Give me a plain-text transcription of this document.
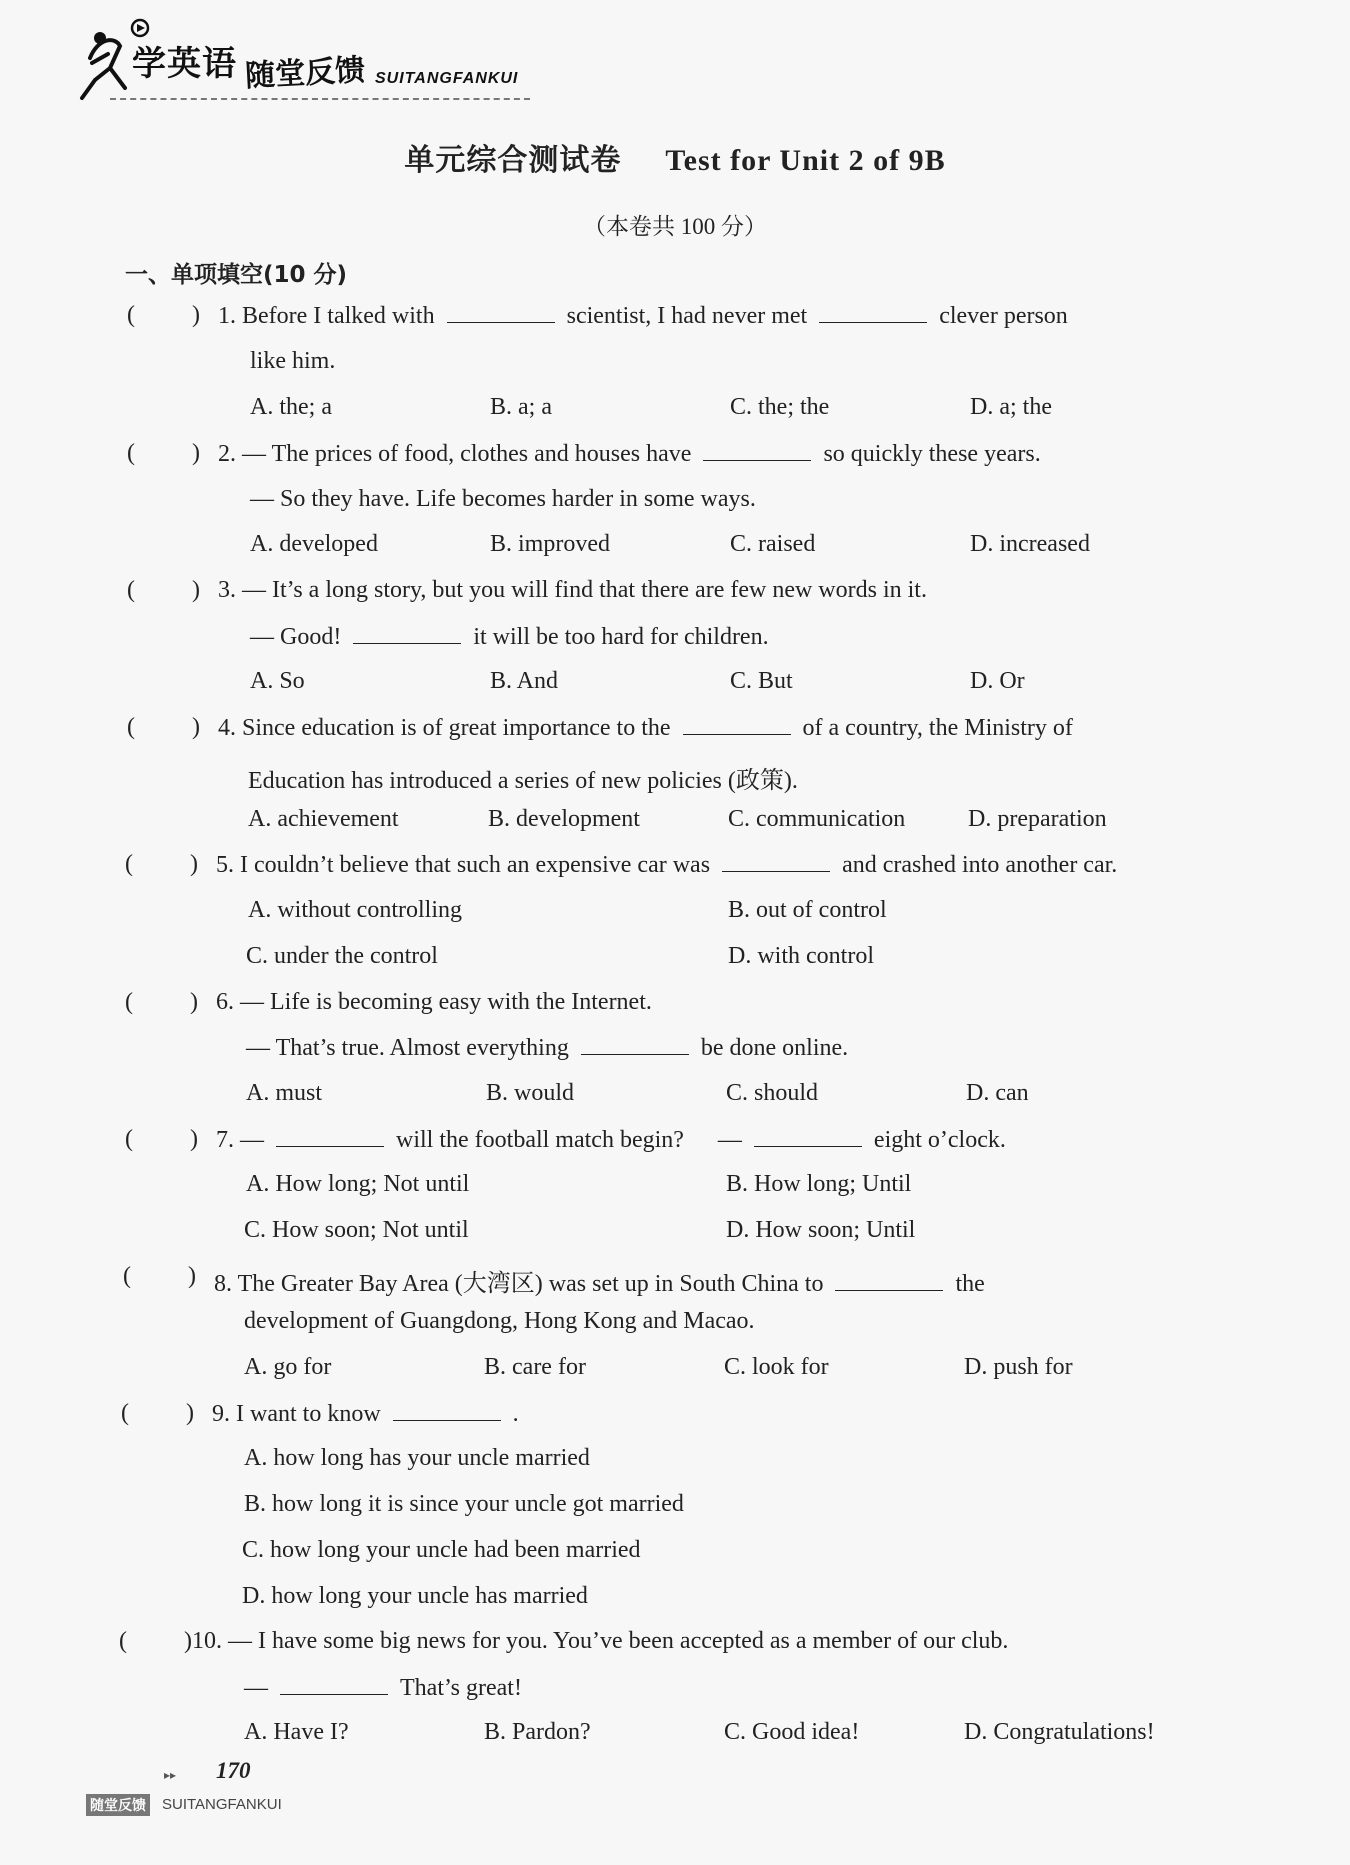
学英语 随堂反馈 SUITANGFANKUI
单元综合测试卷 Test for Unit 2 of 9B
（本卷共 100 分）
一、单项填空(10 分)
( ) 1. Before I talked with	scientist, I had never met	clever person
like him.
A. the; a	B. a; a	C. the; the	D. a; the
( ) 2. — The prices of food, clothes and houses have	so quickly these years.
— So they have. Life becomes harder in some ways.
A. developed	B. improved	C. raised	D. increased
( ) 3. — It’s a long story, but you will find that there are few new words in it.
— Good!	it will be too hard for children.
A. So	B. And	C. But	D. Or
( ) 4. Since education is of great importance to the	of a country, the Ministry of
Education has introduced a series of new policies (政策).
A. achievement	B. development	C. communication	D. preparation
( ) 5. I couldn’t believe that such an expensive car was	and crashed into another car.
A. without controlling	B. out of control
C. under the control	D. with control
( ) 6. — Life is becoming easy with the Internet.
— That’s true. Almost everything	be done online.
A. must	B. would	C. should	D. can
( ) 7. —	will the football match begin? —	eight o’clock.
A. How long; Not until	B. How long; Until
C. How soon; Not until	D. How soon; Until
( ) 8. The Greater Bay Area (大湾区) was set up in South China to	the
development of Guangdong, Hong Kong and Macao.
A. go for	B. care for	C. look for	D. push for
( ) 9. I want to know	.
A. how long has your uncle married
B. how long it is since your uncle got married
C. how long your uncle had been married
D. how long your uncle has married
( )10. — I have some big news for you. You’ve been accepted as a member of our club.
—	That’s great!
A. Have I?	B. Pardon?	C. Good idea!	D. Congratulations!
▸▸ 170
随堂反馈 SUITANGFANKUI
